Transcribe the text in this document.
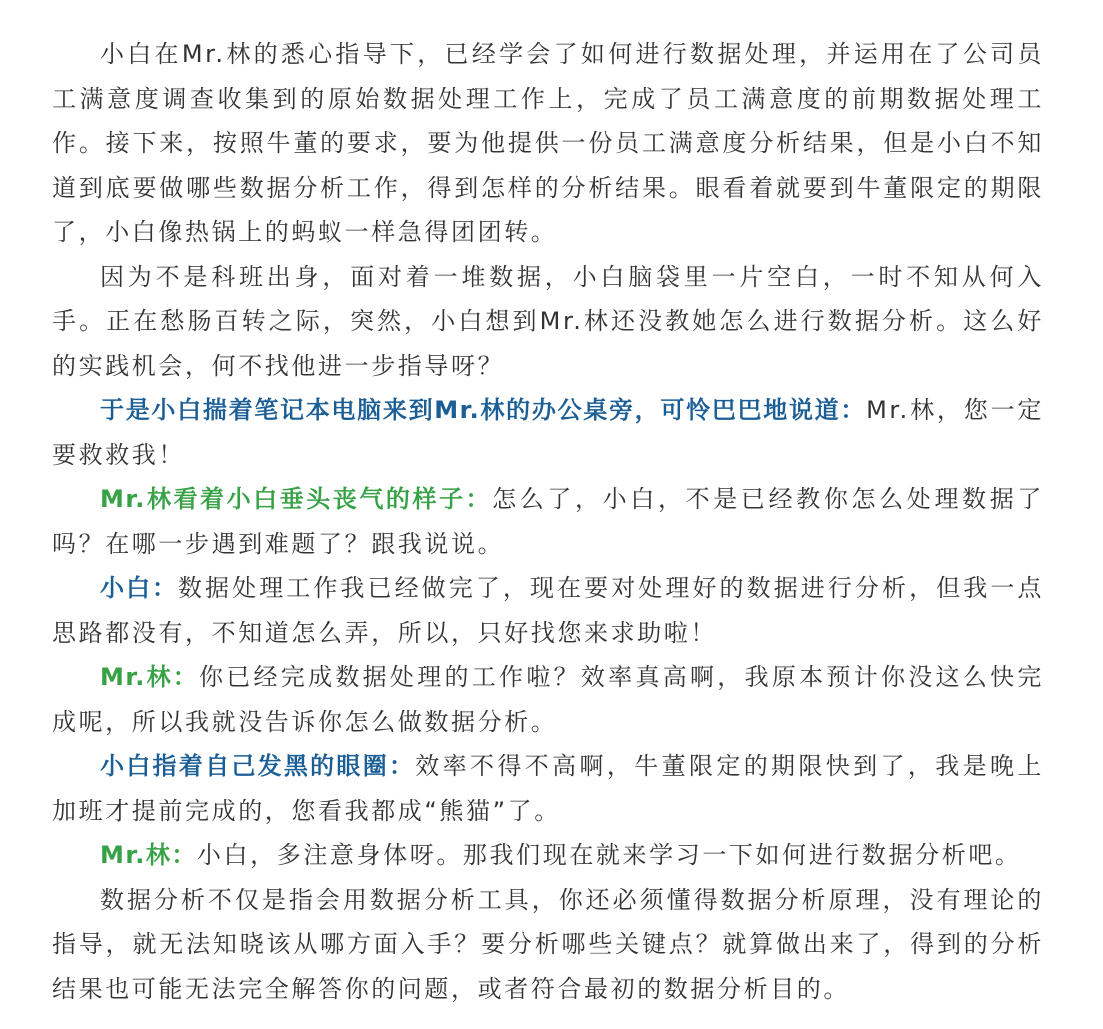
小白在Mr.林的悉心指导下，已经学会了如何进行数据处理，并运用在了公司员工满意度调查收集到的原始数据处理工作上，完成了员工满意度的前期数据处理工作。接下来，按照牛董的要求，要为他提供一份员工满意度分析结果，但是小白不知道到底要做哪些数据分析工作，得到怎样的分析结果。眼看着就要到牛董限定的期限了，小白像热锅上的蚂蚁一样急得团团转。

因为不是科班出身，面对着一堆数据，小白脑袋里一片空白，一时不知从何入手。正在愁肠百转之际，突然，小白想到Mr.林还没教她怎么进行数据分析。这么好的实践机会，何不找他进一步指导呀？

于是小白揣着笔记本电脑来到Mr.林的办公桌旁，可怜巴巴地说道：Mr.林，您一定要救救我！

Mr.林看着小白垂头丧气的样子：怎么了，小白，不是已经教你怎么处理数据了吗？在哪一步遇到难题了？跟我说说。

小白：数据处理工作我已经做完了，现在要对处理好的数据进行分析，但我一点思路都没有，不知道怎么弄，所以，只好找您来求助啦！

Mr.林：你已经完成数据处理的工作啦？效率真高啊，我原本预计你没这么快完成呢，所以我就没告诉你怎么做数据分析。

小白指着自己发黑的眼圈：效率不得不高啊，牛董限定的期限快到了，我是晚上加班才提前完成的，您看我都成“熊猫”了。

Mr.林：小白，多注意身体呀。那我们现在就来学习一下如何进行数据分析吧。

数据分析不仅是指会用数据分析工具，你还必须懂得数据分析原理，没有理论的指导，就无法知晓该从哪方面入手？要分析哪些关键点？就算做出来了，得到的分析结果也可能无法完全解答你的问题，或者符合最初的数据分析目的。
